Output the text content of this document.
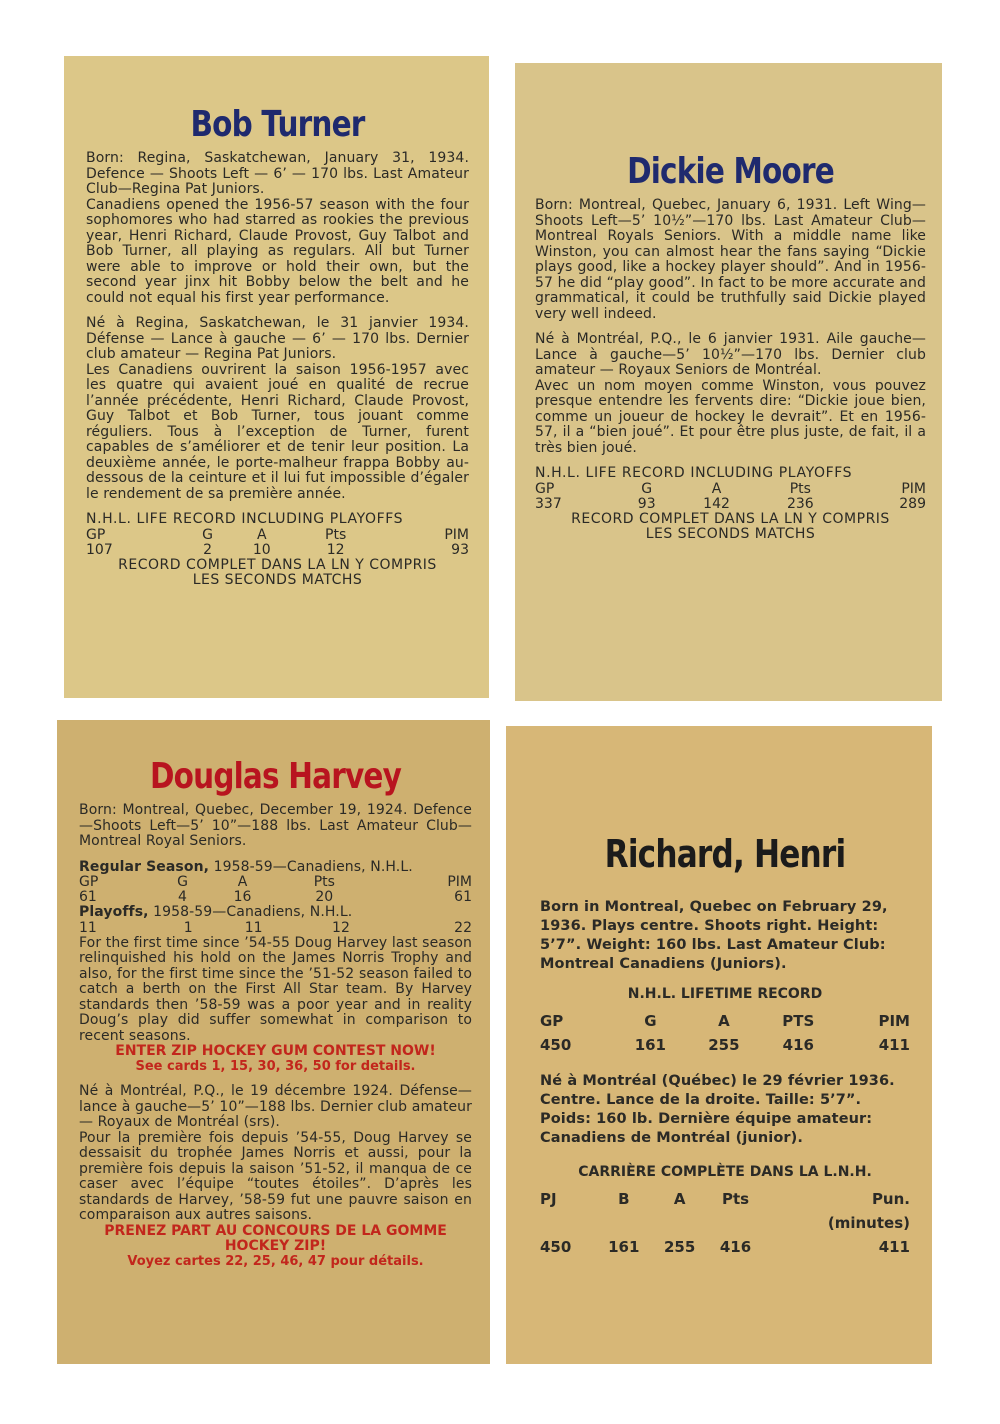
Bob Turner

Born: Regina, Saskatchewan, January 31, 1934. Defence — Shoots Left — 6’ — 170 lbs. Last Amateur Club—Regina Pat Juniors.

Canadiens opened the 1956-57 season with the four sophomores who had starred as rookies the previous year, Henri Richard, Claude Provost, Guy Talbot and Bob Turner, all playing as regulars. All but Turner were able to improve or hold their own, but the second year jinx hit Bobby below the belt and he could not equal his first year performance.

Né à Regina, Saskatchewan, le 31 janvier 1934. Défense — Lance à gauche — 6’ — 170 lbs. Dernier club amateur — Regina Pat Juniors.

Les Canadiens ouvrirent la saison 1956-1957 avec les quatre qui avaient joué en qualité de recrue l’année précédente, Henri Richard, Claude Provost, Guy Talbot et Bob Turner, tous jouant comme réguliers. Tous à l’exception de Turner, furent capables de s’améliorer et de tenir leur position. La deuxième année, le porte-malheur frappa Bobby au-dessous de la ceinture et il lui fut impossible d’égaler le rendement de sa première année.

N.H.L. LIFE RECORD INCLUDING PLAYOFFS

GP	G	A	Pts	PIM
107	2	10	12	93

RECORD COMPLET DANS LA LN Y COMPRIS

LES SECONDS MATCHS

Dickie Moore

Born: Montreal, Quebec, January 6, 1931. Left Wing—Shoots Left—5’ 10½”—170 lbs. Last Amateur Club—Montreal Royals Seniors. With a middle name like Winston, you can almost hear the fans saying “Dickie plays good, like a hockey player should”. And in 1956-57 he did “play good”. In fact to be more accurate and grammatical, it could be truthfully said Dickie played very well indeed.

Né à Montréal, P.Q., le 6 janvier 1931. Aile gauche—Lance à gauche—5’ 10½”—170 lbs. Dernier club amateur — Royaux Seniors de Montréal.

Avec un nom moyen comme Winston, vous pouvez presque entendre les fervents dire: “Dickie joue bien, comme un joueur de hockey le devrait”. Et en 1956-57, il a “bien joué”. Et pour être plus juste, de fait, il a très bien joué.

N.H.L. LIFE RECORD INCLUDING PLAYOFFS

GP	G	A	Pts	PIM
337	93	142	236	289

RECORD COMPLET DANS LA LN Y COMPRIS

LES SECONDS MATCHS

Douglas Harvey

Born: Montreal, Quebec, December 19, 1924. Defence—Shoots Left—5’ 10”—188 lbs. Last Amateur Club—Montreal Royal Seniors.

Regular Season, 1958-59—Canadiens, N.H.L.

GP	G	A	Pts	PIM
61	4	16	20	61

Playoffs, 1958-59—Canadiens, N.H.L.

11	1	11	12	22

For the first time since ’54-55 Doug Harvey last season relinquished his hold on the James Norris Trophy and also, for the first time since the ’51-52 season failed to catch a berth on the First All Star team. By Harvey standards then ’58-59 was a poor year and in reality Doug’s play did suffer somewhat in comparison to recent seasons.

ENTER ZIP HOCKEY GUM CONTEST NOW!

See cards 1, 15, 30, 36, 50 for details.

Né à Montréal, P.Q., le 19 décembre 1924. Défense—lance à gauche—5’ 10”—188 lbs. Dernier club amateur — Royaux de Montréal (srs).

Pour la première fois depuis ’54-55, Doug Harvey se dessaisit du trophée James Norris et aussi, pour la première fois depuis la saison ’51-52, il manqua de ce caser avec l’équipe “toutes étoiles”. D’après les standards de Harvey, ’58-59 fut une pauvre saison en comparaison aux autres saisons.

PRENEZ PART AU CONCOURS DE LA GOMME

HOCKEY ZIP!

Voyez cartes 22, 25, 46, 47 pour détails.

Richard, Henri

Born in Montreal, Quebec on February 29, 1936. Plays centre. Shoots right. Height: 5’7”. Weight: 160 lbs. Last Amateur Club: Montreal Canadiens (Juniors).

N.H.L. LIFETIME RECORD

GP	G	A	PTS	PIM
450	161	255	416	411

Né à Montréal (Québec) le 29 février 1936. Centre. Lance de la droite. Taille: 5’7”. Poids: 160 lb. Dernière équipe amateur: Canadiens de Montréal (junior).

CARRIÈRE COMPLÈTE DANS LA L.N.H.

PJ	B	A	Pts	Pun.
				(minutes)
450	161	255	416	411
